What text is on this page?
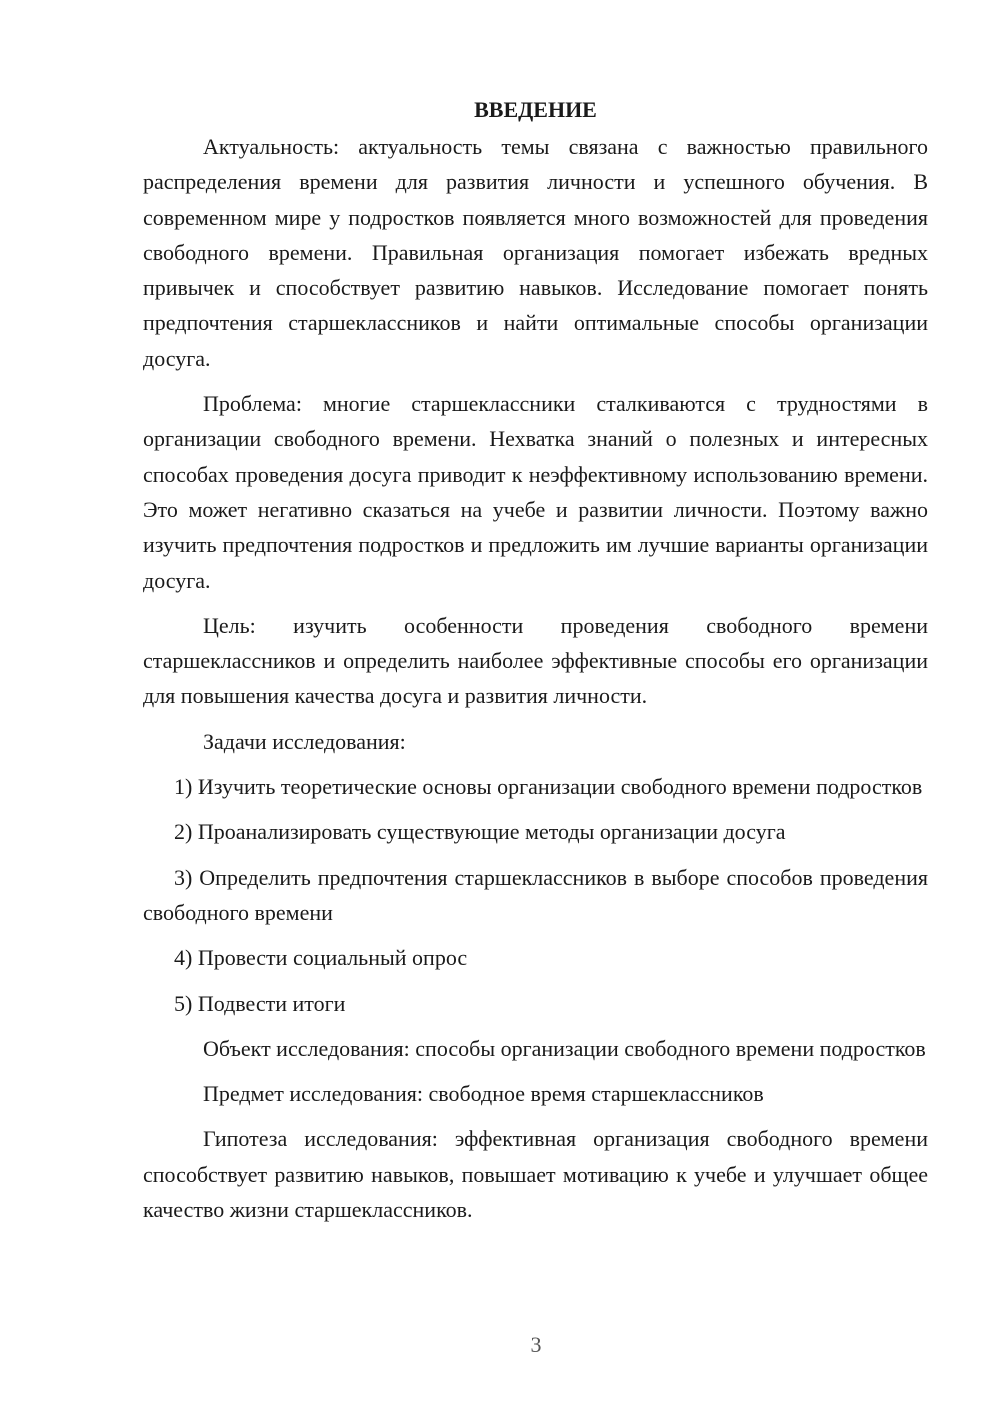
ВВЕДЕНИЕ

Актуальность: актуальность темы связана с важностью правильного распределения времени для развития личности и успешного обучения. В современном мире у подростков появляется много возможностей для проведения свободного времени. Правильная организация помогает избежать вредных привычек и способствует развитию навыков. Исследование помогает понять предпочтения старшеклассников и найти оптимальные способы организации досуга.

Проблема: многие старшеклассники сталкиваются с трудностями в организации свободного времени. Нехватка знаний о полезных и интересных способах проведения досуга приводит к неэффективному использованию времени. Это может негативно сказаться на учебе и развитии личности. Поэтому важно изучить предпочтения подростков и предложить им лучшие варианты организации досуга.

Цель: изучить особенности проведения свободного времени старшеклассников и определить наиболее эффективные способы его организации для повышения качества досуга и развития личности.

Задачи исследования:

1) Изучить теоретические основы организации свободного времени подростков

2) Проанализировать существующие методы организации досуга

3) Определить предпочтения старшеклассников в выборе способов проведения свободного времени

4) Провести социальный опрос

5) Подвести итоги

Объект исследования: способы организации свободного времени подростков

Предмет исследования: свободное время старшеклассников

Гипотеза исследования: эффективная организация свободного времени способствует развитию навыков, повышает мотивацию к учебе и улучшает общее качество жизни старшеклассников.

3
